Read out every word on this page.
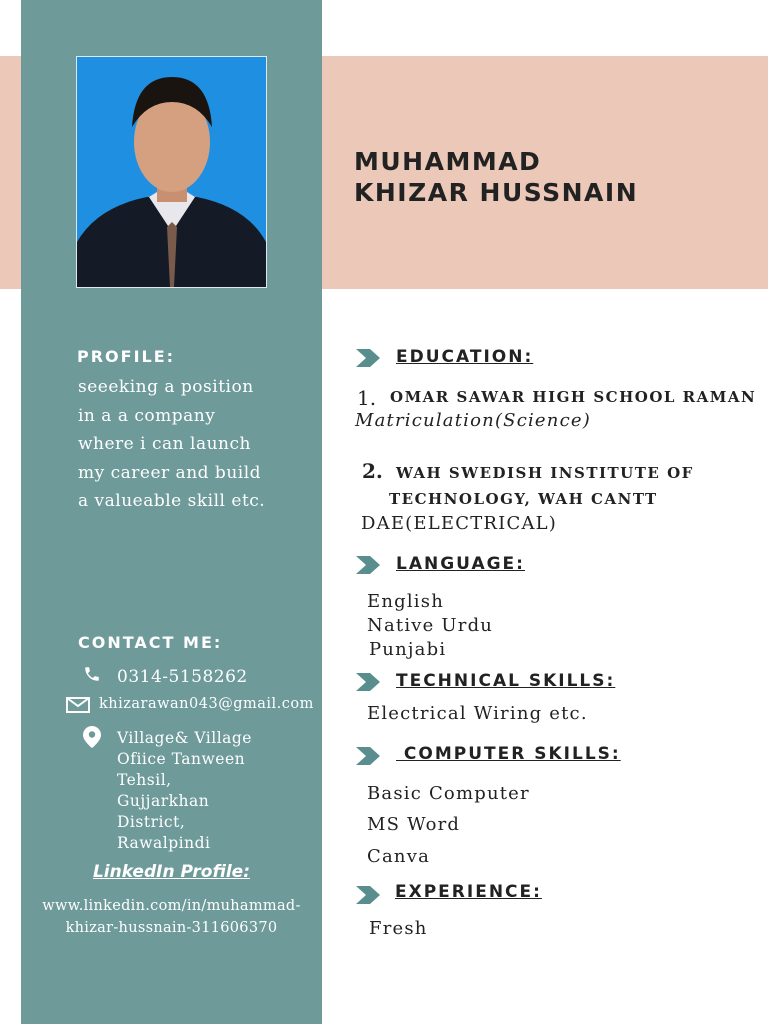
MUHAMMAD
KHIZAR HUSSNAIN
PROFILE:
seeeking a position
in a a company
where i can launch
my career and build
a valueable skill etc.
CONTACT ME:
0314-5158262
khizarawan043@gmail.com
Village& Village
Ofiice Tanween
Tehsil,
Gujjarkhan
District,
Rawalpindi
LinkedIn Profile:
www.linkedin.com/in/muhammad-
khizar-hussnain-311606370
EDUCATION:
1. OMAR SAWAR HIGH SCHOOL RAMAN
Matriculation(Science)
2. WAH SWEDISH INSTITUTE OF
TECHNOLOGY, WAH CANTT
DAE(ELECTRICAL)
LANGUAGE:
English
Native Urdu
Punjabi
TECHNICAL SKILLS:
Electrical Wiring etc.
COMPUTER SKILLS:
Basic Computer
MS Word
Canva
EXPERIENCE:
Fresh
